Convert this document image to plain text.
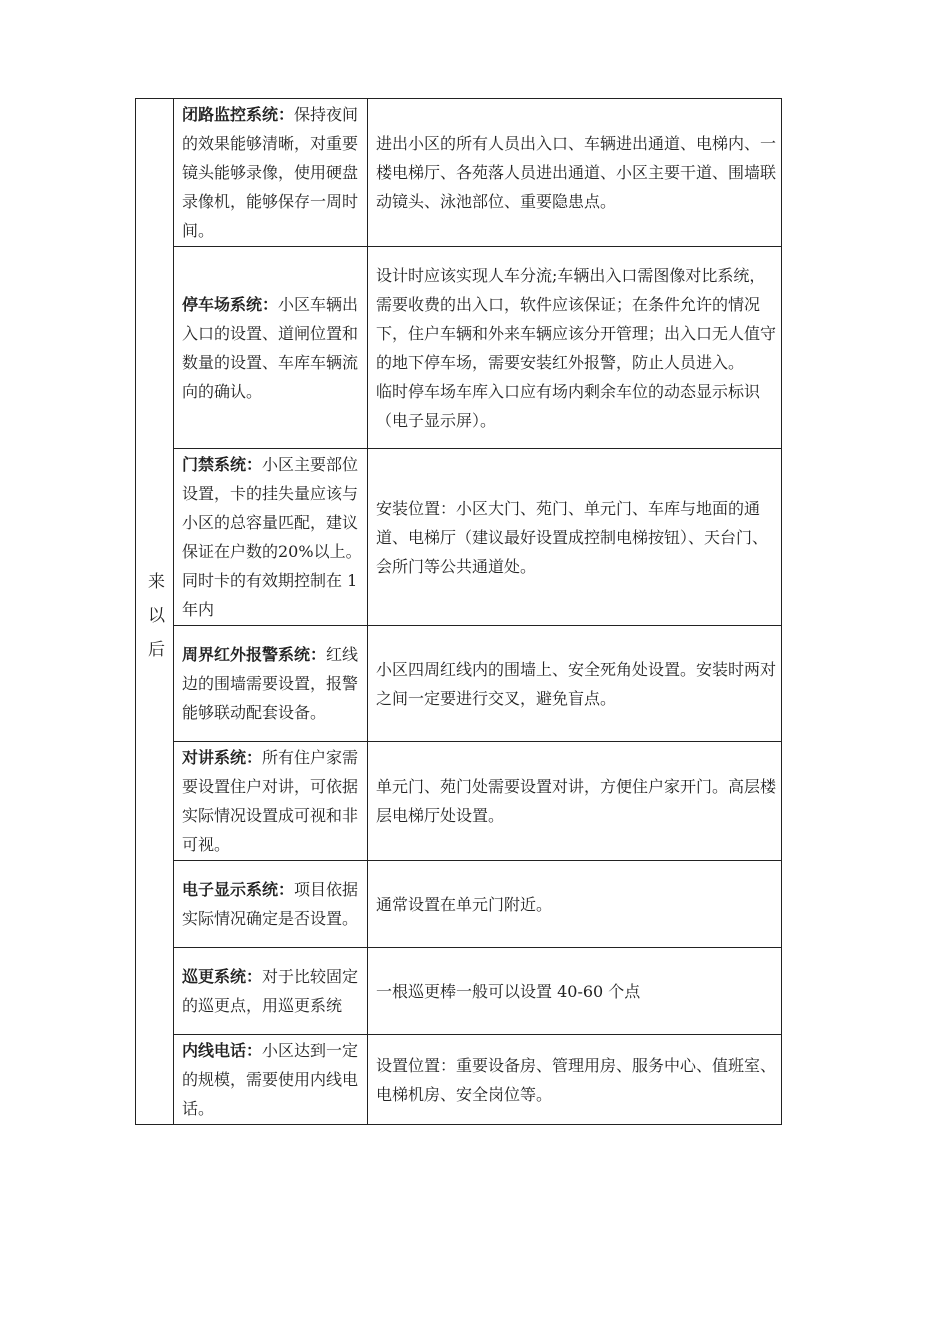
来以后	闭路监控系统：保持夜间的效果能够清晰，对重要镜头能够录像，使用硬盘录像机，能够保存一周时间。	进出小区的所有人员出入口、车辆进出通道、电梯内、一楼电梯厅、各苑落人员进出通道、小区主要干道、围墙联动镜头、泳池部位、重要隐患点。

	停车场系统：小区车辆出入口的设置、道闸位置和数量的设置、车库车辆流向的确认。	设计时应该实现人车分流;车辆出入口需图像对比系统，需要收费的出入口，软件应该保证；在条件允许的情况下，住户车辆和外来车辆应该分开管理；出入口无人值守的地下停车场，需要安装红外报警，防止人员进入。
临时停车场车库入口应有场内剩余车位的动态显示标识（电子显示屏）。

	门禁系统：小区主要部位设置，卡的挂失量应该与小区的总容量匹配，建议保证在户数的20%以上。同时卡的有效期控制在 1 年内	安装位置：小区大门、苑门、单元门、车库与地面的通道、电梯厅（建议最好设置成控制电梯按钮）、天台门、会所门等公共通道处。

	周界红外报警系统：红线边的围墙需要设置，报警能够联动配套设备。	小区四周红线内的围墙上、安全死角处设置。安装时两对之间一定要进行交叉，避免盲点。

	对讲系统：所有住户家需要设置住户对讲，可依据实际情况设置成可视和非可视。	单元门、苑门处需要设置对讲，方便住户家开门。高层楼层电梯厅处设置。

	电子显示系统：项目依据实际情况确定是否设置。	通常设置在单元门附近。

	巡更系统：对于比较固定的巡更点，用巡更系统	一根巡更棒一般可以设置 40-60 个点

	内线电话：小区达到一定的规模，需要使用内线电话。	设置位置：重要设备房、管理用房、服务中心、值班室、电梯机房、安全岗位等。
